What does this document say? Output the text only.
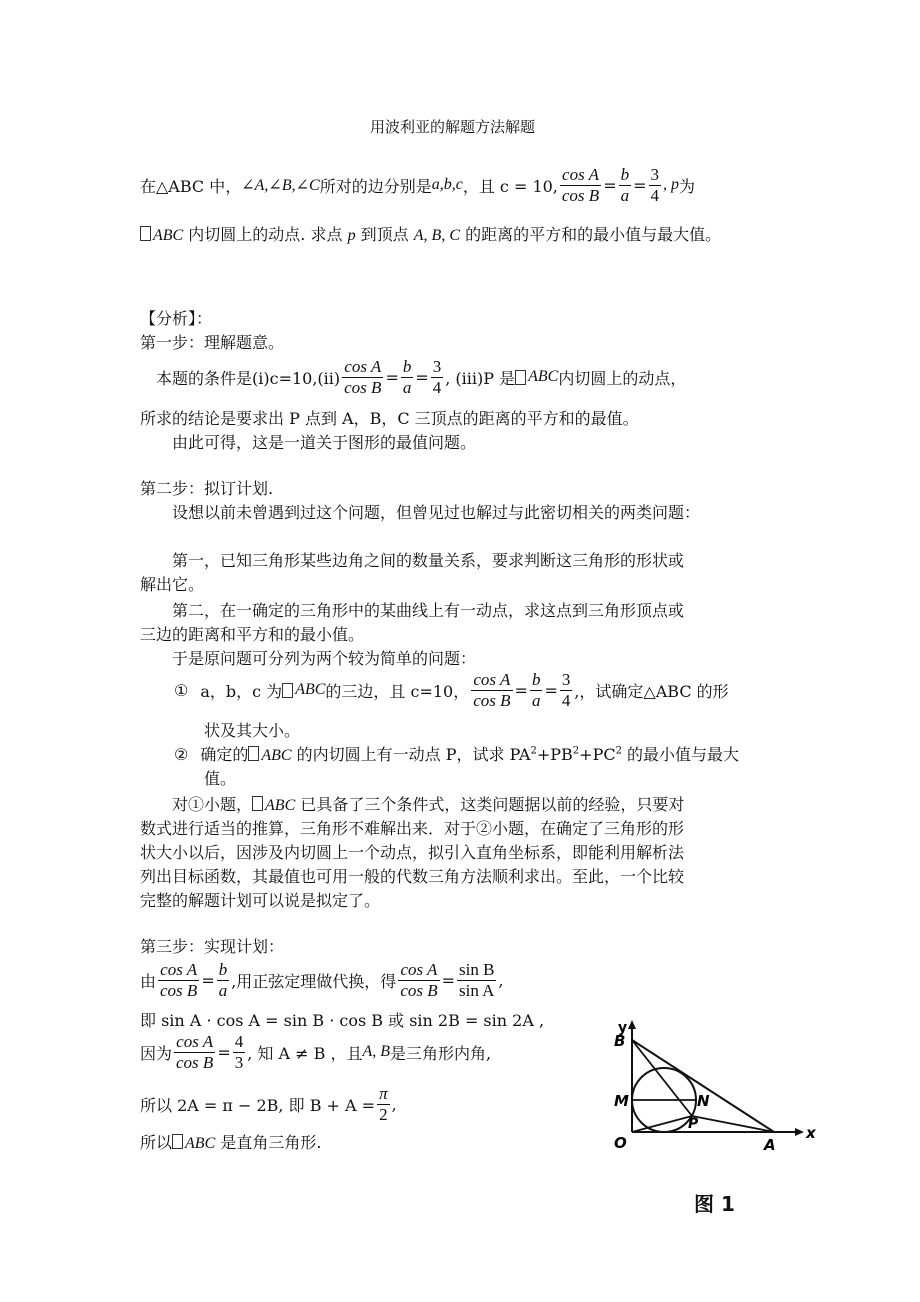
用波利亚的解题方法解题
在△ABC 中， ∠A,∠B,∠C 所对的边分别是 a,b,c ，且 c = 10, $\frac{\text{cos A}}{\text{cos B}} = \frac{b}{a} = \frac{3}{4}$ , p 为
ABC 内切圆上的动点. 求点 p 到顶点 A, B, C 的距离的平方和的最小值与最大值。
【分析】：
第一步：理解题意。
本题的条件是$(i)c=10,(ii) \frac{\text{cos A}}{\text{cos B}} = \frac{b}{a} = \frac{3}{4}$ , (iii)P 是 ABC 内切圆上的动点，
所求的结论是要求出 P 点到 A，B，C 三顶点的距离的平方和的最值。
由此可得，这是一道关于图形的最值问题。
第二步：拟订计划.
设想以前未曾遇到过这个问题，但曾见过也解过与此密切相关的两类问题：
第一，已知三角形某些边角之间的数量关系，要求判断这三角形的形状或
解出它。
第二，在一确定的三角形中的某曲线上有一动点，求这点到三角形顶点或
三边的距离和平方和的最小值。
于是原问题可分列为两个较为简单的问题：
① a，b，c 为 ABC 的三边，且 c=10， $\frac{\text{cos A}}{\text{cos B}} = \frac{b}{a} = \frac{3}{4}$ ,，试确定△ABC 的形
状及其大小。
② 确定的 ABC 的内切圆上有一动点 P，试求 $PA^2+PB^2+PC^2$ 的最小值与最大
值。
对①小题， ABC 已具备了三个条件式，这类问题据以前的经验，只要对
数式进行适当的推算，三角形不难解出来．对于②小题，在确定了三角形的形
状大小以后，因涉及内切圆上一个动点，拟引入直角坐标系，即能利用解析法
列出目标函数，其最值也可用一般的代数三角方法顺利求出。至此，一个比较
完整的解题计划可以说是拟定了。
第三步：实现计划：
由 $\frac{\text{cos A}}{\text{cos B}} = \frac{b}{a}$ ,用正弦定理做代换，得 $\frac{\text{cos A}}{\text{cos B}} = \frac{\text{sin B}}{\text{sin A}}$ ,
即 sin A · cos A = sin B · cos B 或 sin 2B = sin 2A ,
因为 $\frac{\text{cos A}}{\text{cos B}} = \frac{4}{3}$ , 知 A ≠ B ，且 A, B 是三角形内角,
所以 2A = π − 2B, 即 $B + A = \frac{\pi}{2}$ ,
所以 ABC 是直角三角形.
y
x
B
M	N
P
O	A
图 1
